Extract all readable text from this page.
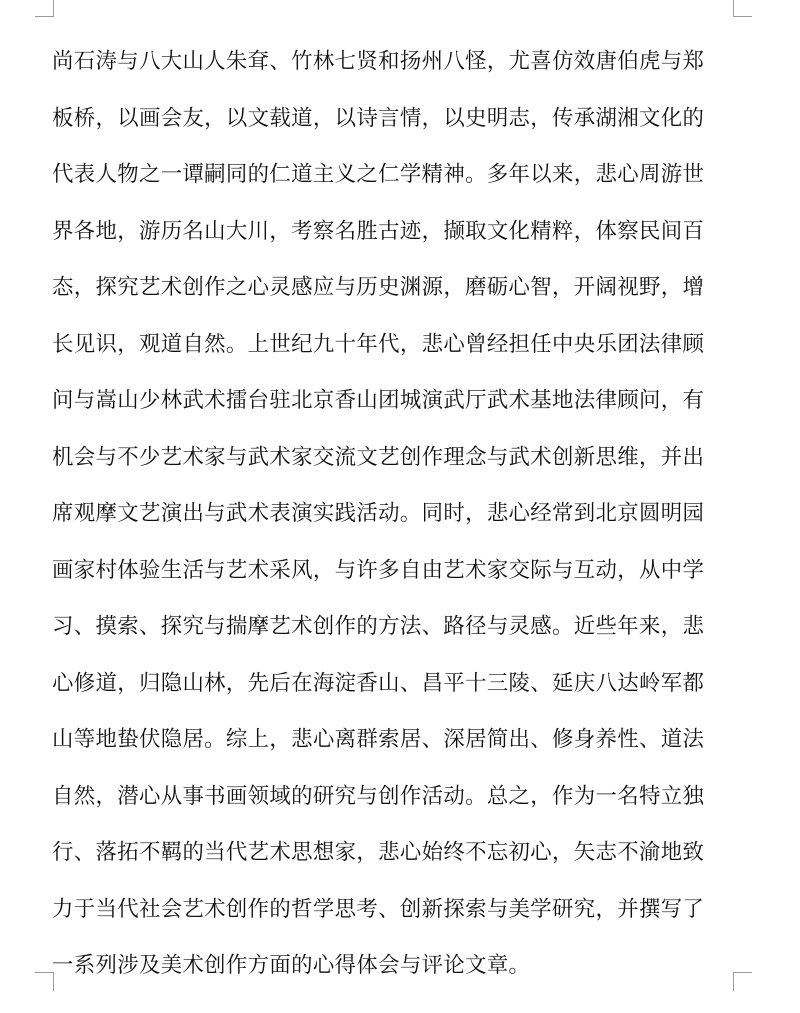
尚石涛与八大山人朱耷、竹林七贤和扬州八怪，尤喜仿效唐伯虎与郑
板桥，以画会友，以文载道，以诗言情，以史明志，传承湖湘文化的
代表人物之一谭嗣同的仁道主义之仁学精神。多年以来，悲心周游世
界各地，游历名山大川，考察名胜古迹，撷取文化精粹，体察民间百
态，探究艺术创作之心灵感应与历史渊源，磨砺心智，开阔视野，增
长见识，观道自然。上世纪九十年代，悲心曾经担任中央乐团法律顾
问与嵩山少林武术擂台驻北京香山团城演武厅武术基地法律顾问，有
机会与不少艺术家与武术家交流文艺创作理念与武术创新思维，并出
席观摩文艺演出与武术表演实践活动。同时，悲心经常到北京圆明园
画家村体验生活与艺术采风，与许多自由艺术家交际与互动，从中学
习、摸索、探究与揣摩艺术创作的方法、路径与灵感。近些年来，悲
心修道，归隐山林，先后在海淀香山、昌平十三陵、延庆八达岭军都
山等地蛰伏隐居。综上，悲心离群索居、深居简出、修身养性、道法
自然，潜心从事书画领域的研究与创作活动。总之，作为一名特立独
行、落拓不羁的当代艺术思想家，悲心始终不忘初心，矢志不渝地致
力于当代社会艺术创作的哲学思考、创新探索与美学研究，并撰写了
一系列涉及美术创作方面的心得体会与评论文章。
